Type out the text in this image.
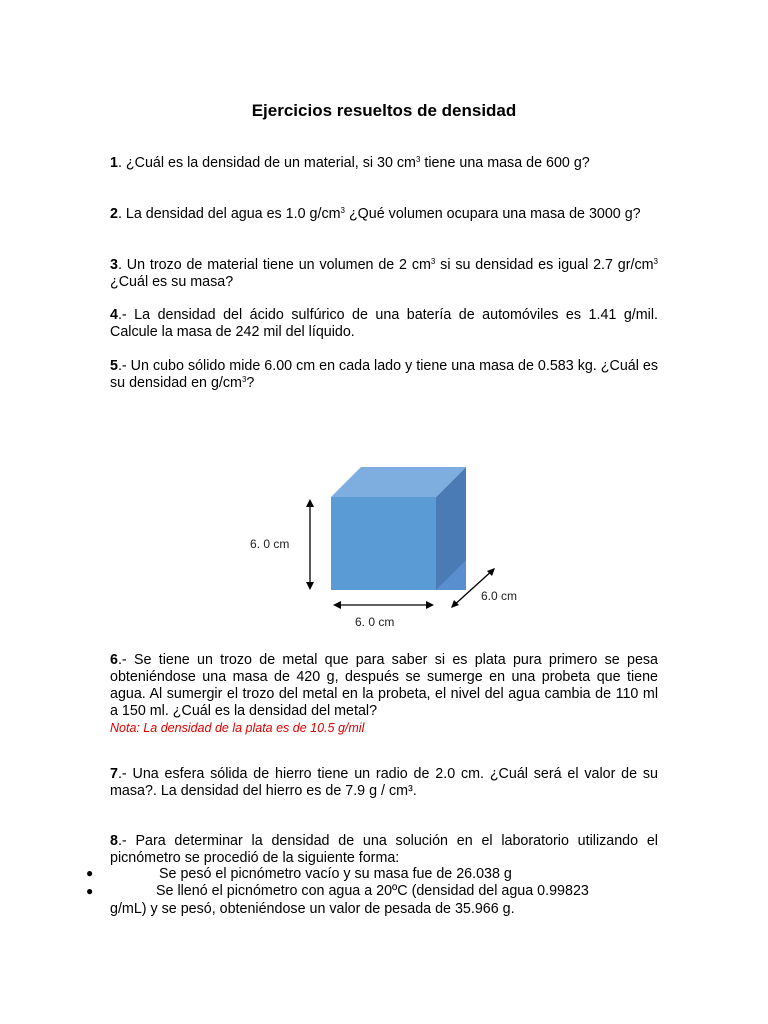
Ejercicios resueltos de densidad
1. ¿Cuál es la densidad de un material, si 30 $cm^3$ tiene una masa de 600 g?
2. La densidad del agua es 1.0 $g/cm^3$ ¿Qué volumen ocupara una masa de 3000 g?
3. Un trozo de material tiene un volumen de 2 $cm^3$ si su densidad es igual 2.7 $gr/cm^3$ ¿Cuál es su masa?
4.- La densidad del ácido sulfúrico de una batería de automóviles es 1.41 g/mil. Calcule la masa de 242 mil del líquido.
5.- Un cubo sólido mide 6.00 cm en cada lado y tiene una masa de 0.583 kg. ¿Cuál es su densidad en $g/cm^3$?
6. 0 cm
6. 0 cm
6.0 cm
6.- Se tiene un trozo de metal que para saber si es plata pura primero se pesa obteniéndose una masa de 420 g, después se sumerge en una probeta que tiene agua. Al sumergir el trozo del metal en la probeta, el nivel del agua cambia de 110 ml a 150 ml. ¿Cuál es la densidad del metal?
Nota: La densidad de la plata es de 10.5 g/mil
7.- Una esfera sólida de hierro tiene un radio de 2.0 cm. ¿Cuál será el valor de su masa?. La densidad del hierro es de 7.9 g / cm³.
8.- Para determinar la densidad de una solución en el laboratorio utilizando el picnómetro se procedió de la siguiente forma:
●	Se pesó el picnómetro vacío y su masa fue de 26.038 g
●	Se llenó el picnómetro con agua a 20ºC (densidad del agua 0.99823
g/mL) y se pesó, obteniéndose un valor de pesada de 35.966 g.
